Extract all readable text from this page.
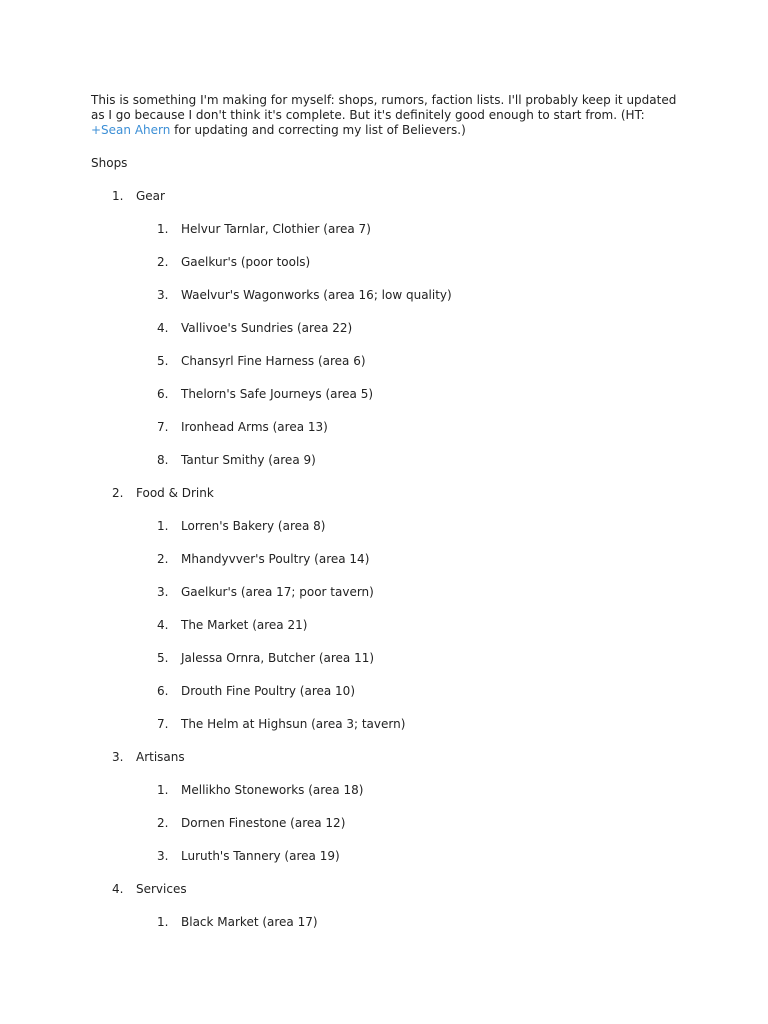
This is something I'm making for myself: shops, rumors, faction lists. I'll probably keep it updated as I go because I don't think it's complete. But it's definitely good enough to start from. (HT: +Sean Ahern for updating and correcting my list of Believers.)

Shops
1.	Gear
1.	Helvur Tarnlar, Clothier (area 7)
2.	Gaelkur's (poor tools)
3.	Waelvur's Wagonworks (area 16; low quality)
4.	Vallivoe's Sundries (area 22)
5.	Chansyrl Fine Harness (area 6)
6.	Thelorn's Safe Journeys (area 5)
7.	Ironhead Arms (area 13)
8.	Tantur Smithy (area 9)
2.	Food & Drink
1.	Lorren's Bakery (area 8)
2.	Mhandyvver's Poultry (area 14)
3.	Gaelkur's (area 17; poor tavern)
4.	The Market (area 21)
5.	Jalessa Ornra, Butcher (area 11)
6.	Drouth Fine Poultry (area 10)
7.	The Helm at Highsun (area 3; tavern)
3.	Artisans
1.	Mellikho Stoneworks (area 18)
2.	Dornen Finestone (area 12)
3.	Luruth's Tannery (area 19)
4.	Services
1.	Black Market (area 17)
